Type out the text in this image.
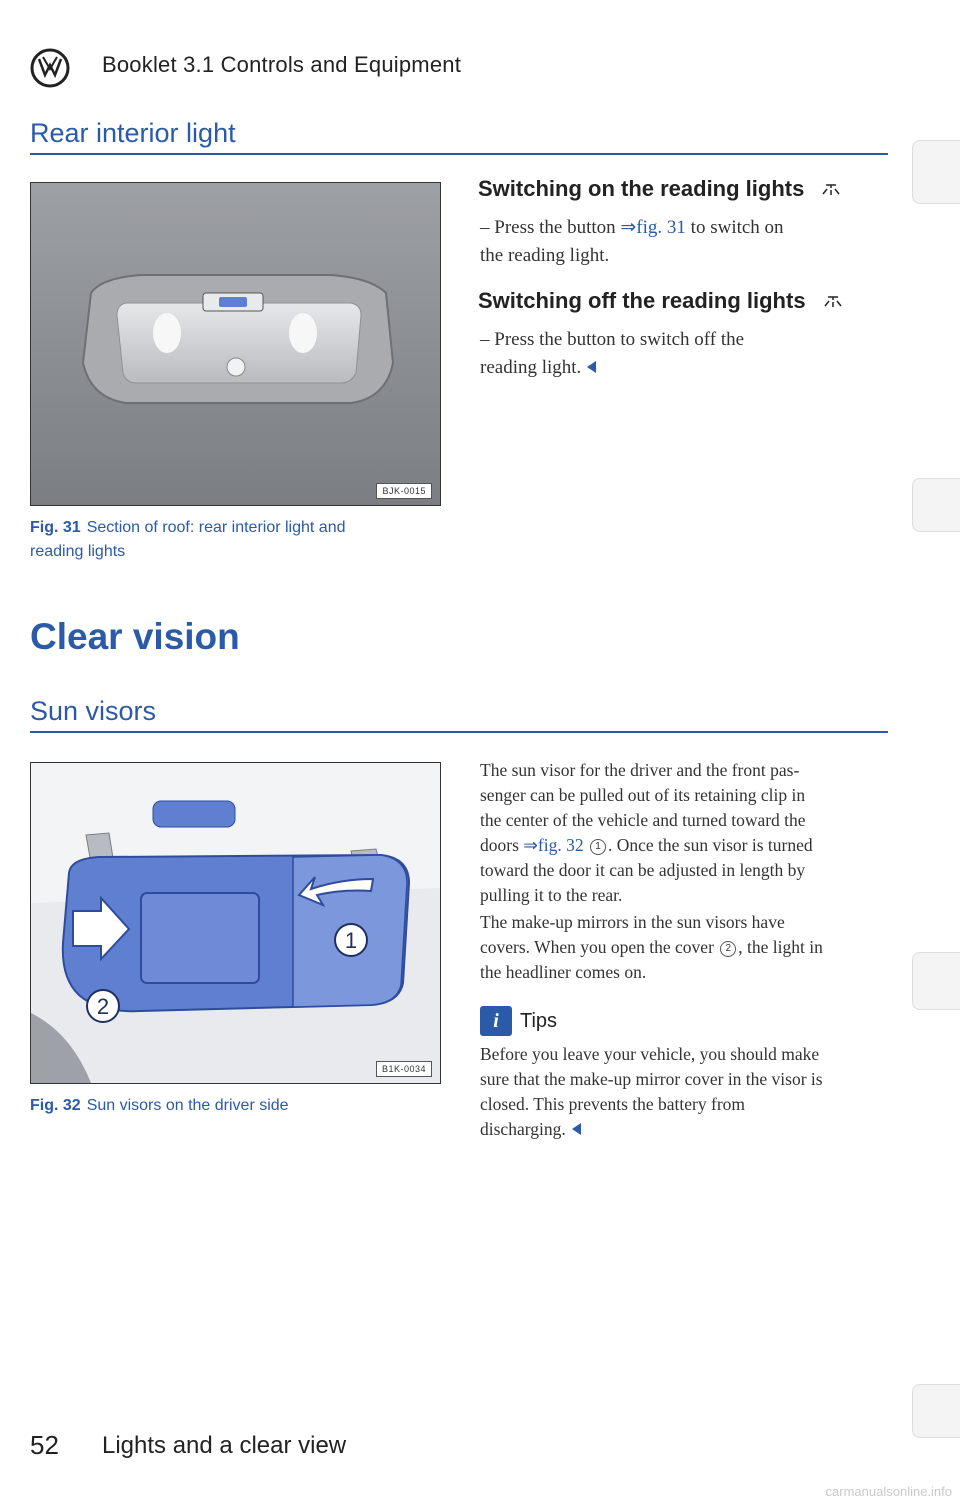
Booklet 3.1 Controls and Equipment
Rear interior light
BJK-0015
Fig. 31 Section of roof: rear interior light and
reading lights
Switching on the reading lights
– Press the button ⇒fig. 31 to switch on
the reading light.
Switching off the reading lights
– Press the button to switch off the
reading light.
Clear vision
Sun visors
1
2
B1K-0034
Fig. 32 Sun visors on the driver side
The sun visor for the driver and the front pas-
senger can be pulled out of its retaining clip in
the center of the vehicle and turned toward the
doors ⇒fig. 32 1 . Once the sun visor is turned
toward the door it can be adjusted in length by
pulling it to the rear.
The make-up mirrors in the sun visors have
covers. When you open the cover 2 , the light in
the headliner comes on.
i	Tips
Before you leave your vehicle, you should make
sure that the make-up mirror cover in the visor is
closed. This prevents the battery from
discharging.
52 Lights and a clear view
carmanualsonline.info
